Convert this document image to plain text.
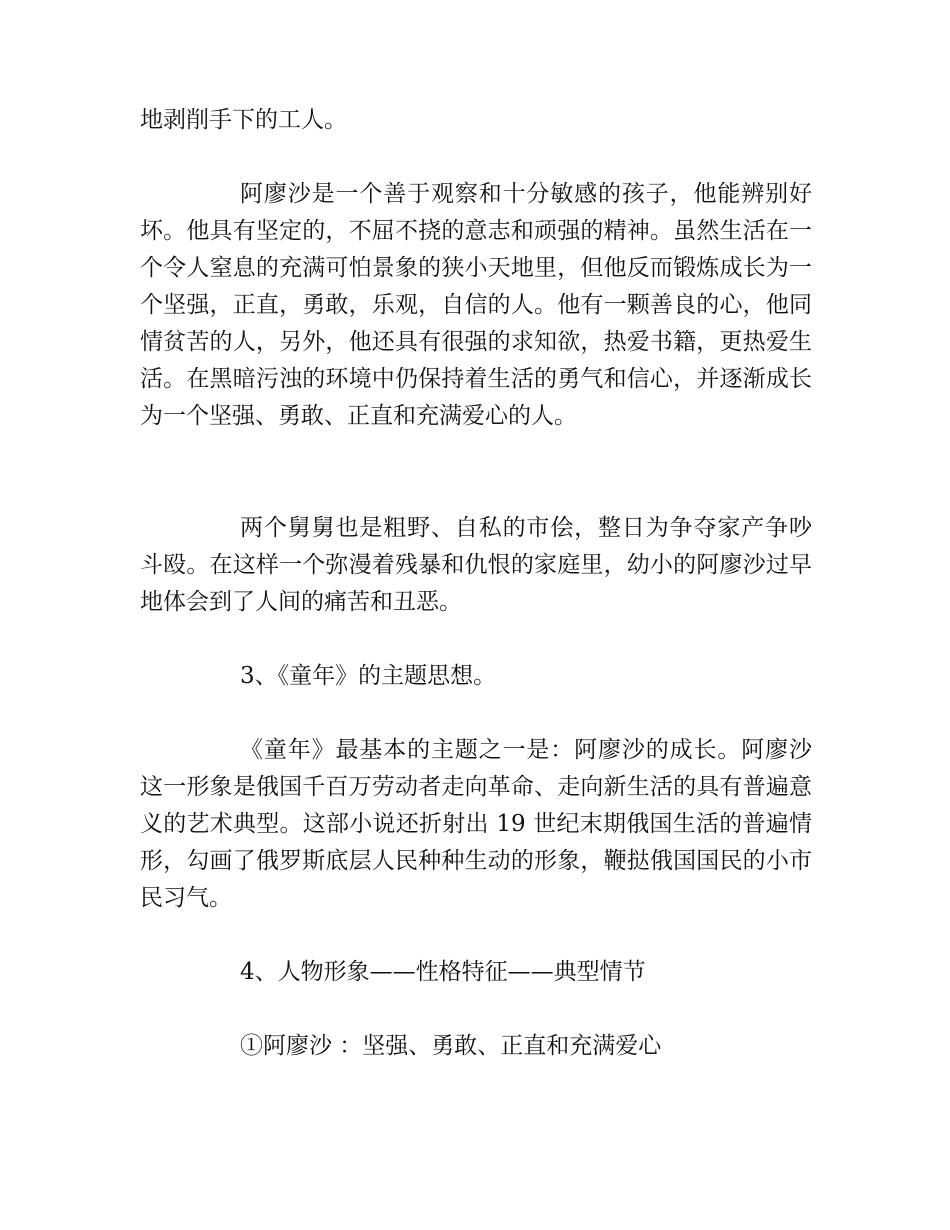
地剥削手下的工人。

阿廖沙是一个善于观察和十分敏感的孩子，他能辨别好坏。他具有坚定的，不屈不挠的意志和顽强的精神。虽然生活在一个令人窒息的充满可怕景象的狭小天地里，但他反而锻炼成长为一个坚强，正直，勇敢，乐观，自信的人。他有一颗善良的心，他同情贫苦的人，另外，他还具有很强的求知欲，热爱书籍，更热爱生活。在黑暗污浊的环境中仍保持着生活的勇气和信心，并逐渐成长为一个坚强、勇敢、正直和充满爱心的人。

两个舅舅也是粗野、自私的市侩，整日为争夺家产争吵斗殴。在这样一个弥漫着残暴和仇恨的家庭里，幼小的阿廖沙过早地体会到了人间的痛苦和丑恶。

3、《童年》的主题思想。

《童年》最基本的主题之一是：阿廖沙的成长。阿廖沙这一形象是俄国千百万劳动者走向革命、走向新生活的具有普遍意义的艺术典型。这部小说还折射出 19 世纪末期俄国生活的普遍情形，勾画了俄罗斯底层人民种种生动的形象，鞭挞俄国国民的小市民习气。

4、人物形象——性格特征——典型情节

①阿廖沙 ：坚强、勇敢、正直和充满爱心
